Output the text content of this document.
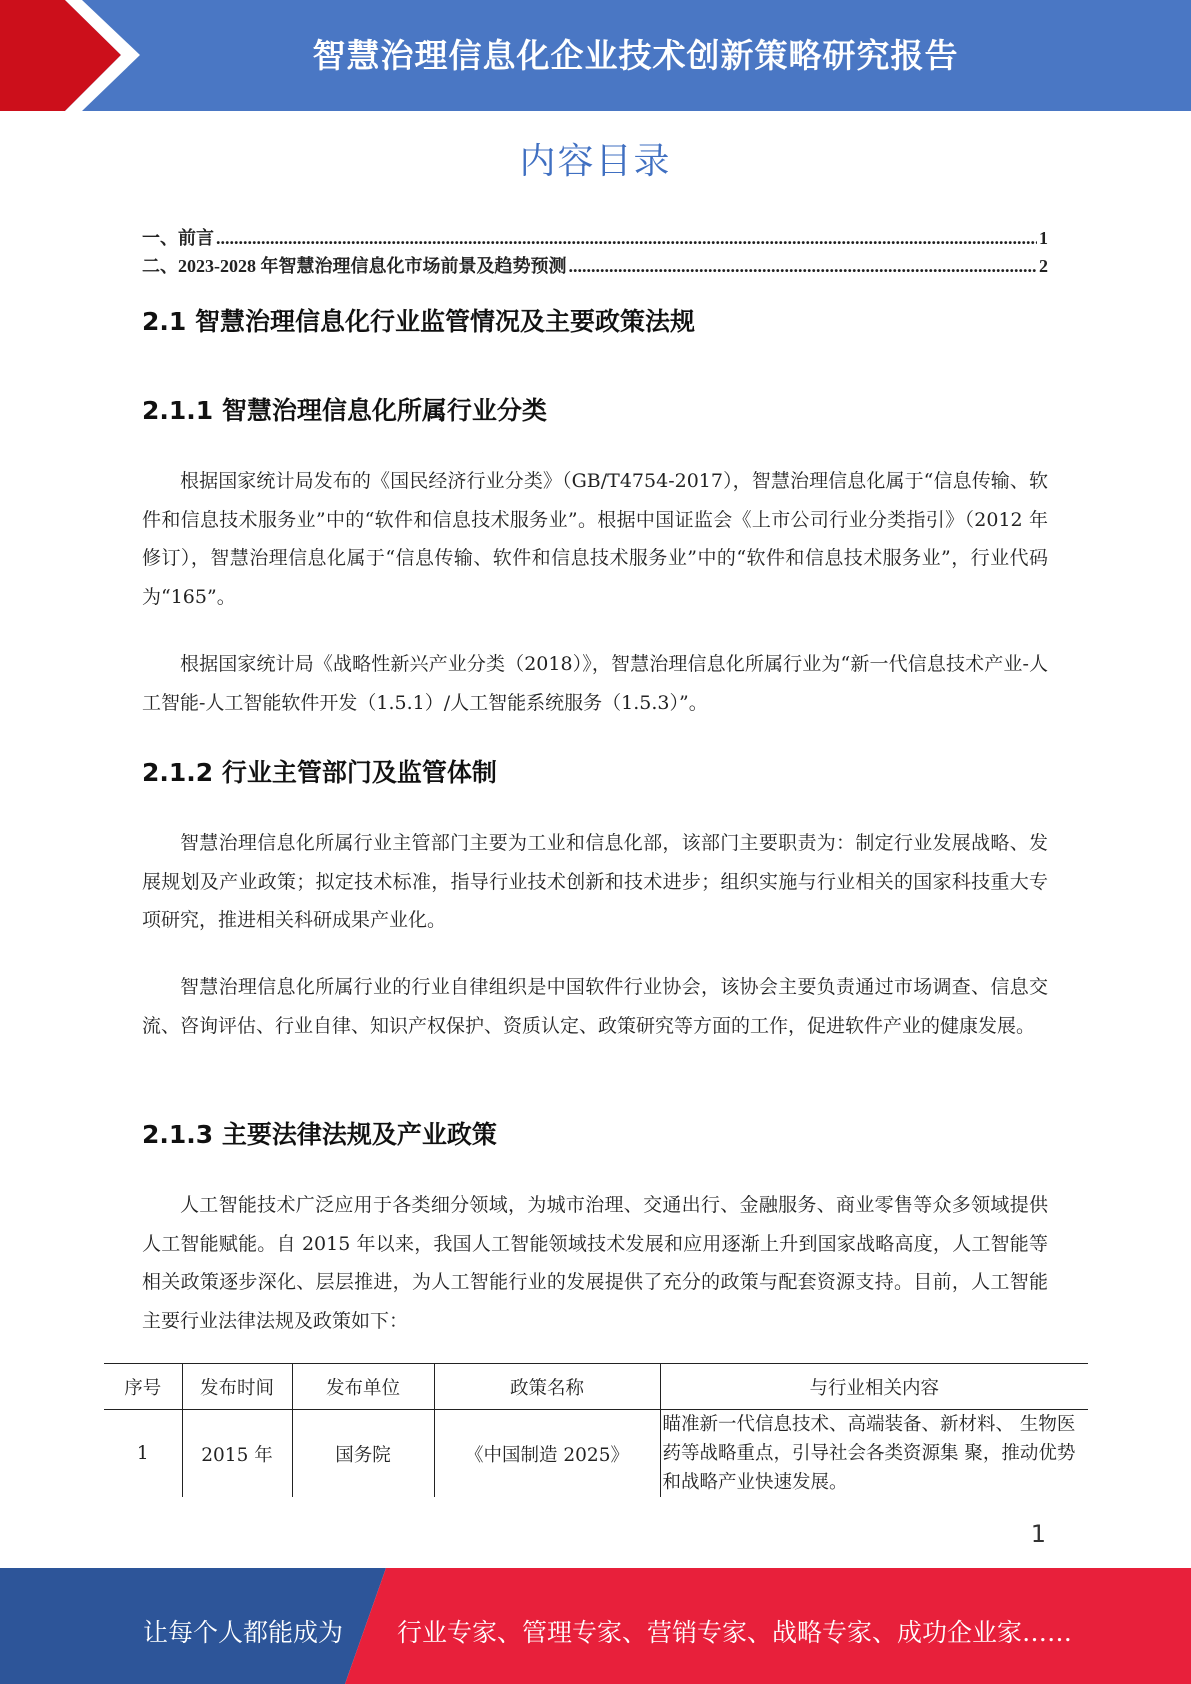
智慧治理信息化企业技术创新策略研究报告
内容目录
一、前言 .....	1
二、2023-2028 年智慧治理信息化市场前景及趋势预测 .....	2
2.1 智慧治理信息化行业监管情况及主要政策法规
2.1.1 智慧治理信息化所属行业分类

根据国家统计局发布的《国民经济行业分类》（GB/T4754-2017），智慧治理信息化属于“信息传输、软件和信息技术服务业”中的“软件和信息技术服务业”。根据中国证监会《上市公司行业分类指引》（2012 年修订），智慧治理信息化属于“信息传输、软件和信息技术服务业”中的“软件和信息技术服务业”，行业代码为“165”。

根据国家统计局《战略性新兴产业分类（2018）》，智慧治理信息化所属行业为“新一代信息技术产业-人工智能-人工智能软件开发（1.5.1）/人工智能系统服务（1.5.3）”。

2.1.2 行业主管部门及监管体制

智慧治理信息化所属行业主管部门主要为工业和信息化部，该部门主要职责为：制定行业发展战略、发展规划及产业政策；拟定技术标准，指导行业技术创新和技术进步；组织实施与行业相关的国家科技重大专项研究，推进相关科研成果产业化。

智慧治理信息化所属行业的行业自律组织是中国软件行业协会，该协会主要负责通过市场调查、信息交流、咨询评估、行业自律、知识产权保护、资质认定、政策研究等方面的工作，促进软件产业的健康发展。

2.1.3 主要法律法规及产业政策

人工智能技术广泛应用于各类细分领域，为城市治理、交通出行、金融服务、商业零售等众多领域提供人工智能赋能。自 2015 年以来，我国人工智能领域技术发展和应用逐渐上升到国家战略高度，人工智能等相关政策逐步深化、层层推进，为人工智能行业的发展提供了充分的政策与配套资源支持。目前，人工智能主要行业法律法规及政策如下：

序号	发布时间	发布单位	政策名称	与行业相关内容
1	2015 年	国务院	《中国制造 2025》	瞄准新一代信息技术、高端装备、新材料、 生物医药等战略重点，引导社会各类资源集 聚，推动优势和战略产业快速发展。
1
让每个人都能成为 行业专家、管理专家、营销专家、战略专家、成功企业家……
